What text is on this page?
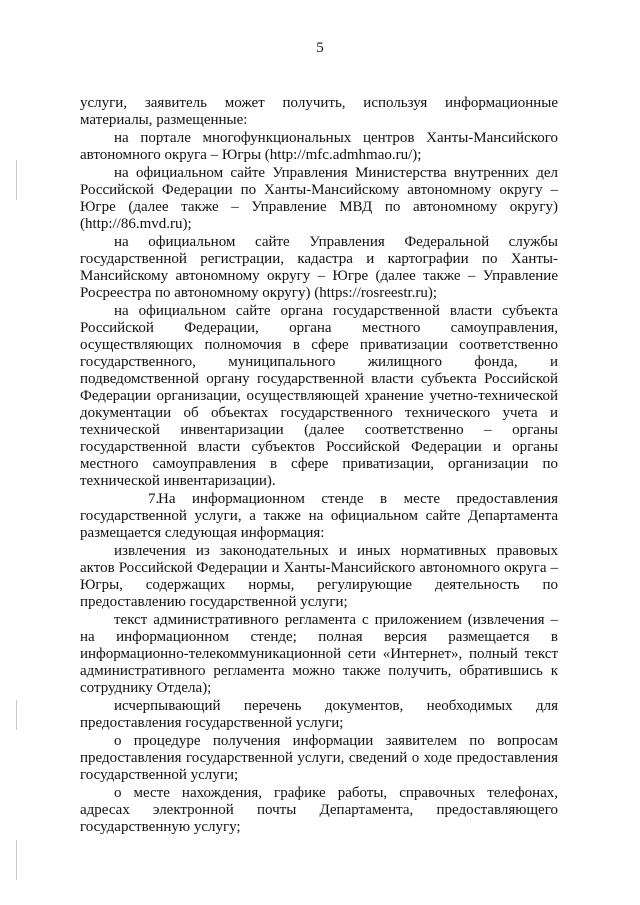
5

услуги, заявитель может получить, используя информационные материалы, размещенные:

на портале многофункциональных центров Ханты-Мансийского автономного округа – Югры (http://mfc.admhmao.ru/);

на официальном сайте Управления Министерства внутренних дел Российской Федерации по Ханты-Мансийскому автономному округу – Югре (далее также – Управление МВД по автономному округу) (http://86.mvd.ru);

на официальном сайте Управления Федеральной службы государственной регистрации, кадастра и картографии по Ханты-Мансийскому автономному округу – Югре (далее также – Управление Росреестра по автономному округу) (https://rosreestr.ru);

на официальном сайте органа государственной власти субъекта Российской Федерации, органа местного самоуправления, осуществляющих полномочия в сфере приватизации соответственно государственного, муниципального жилищного фонда, и подведомственной органу государственной власти субъекта Российской Федерации организации, осуществляющей хранение учетно-технической документации об объектах государственного технического учета и технической инвентаризации (далее соответственно – органы государственной власти субъектов Российской Федерации и органы местного самоуправления в сфере приватизации, организации по технической инвентаризации).

7.На информационном стенде в месте предоставления государственной услуги, а также на официальном сайте Департамента размещается следующая информация:

извлечения из законодательных и иных нормативных правовых актов Российской Федерации и Ханты-Мансийского автономного округа – Югры, содержащих нормы, регулирующие деятельность по предоставлению государственной услуги;

текст административного регламента с приложением (извлечения – на информационном стенде; полная версия размещается в информационно-телекоммуникационной сети «Интернет», полный текст административного регламента можно также получить, обратившись к сотруднику Отдела);

исчерпывающий перечень документов, необходимых для предоставления государственной услуги;

о процедуре получения информации заявителем по вопросам предоставления государственной услуги, сведений о ходе предоставления государственной услуги;

о месте нахождения, графике работы, справочных телефонах, адресах электронной почты Департамента, предоставляющего государственную услугу;
